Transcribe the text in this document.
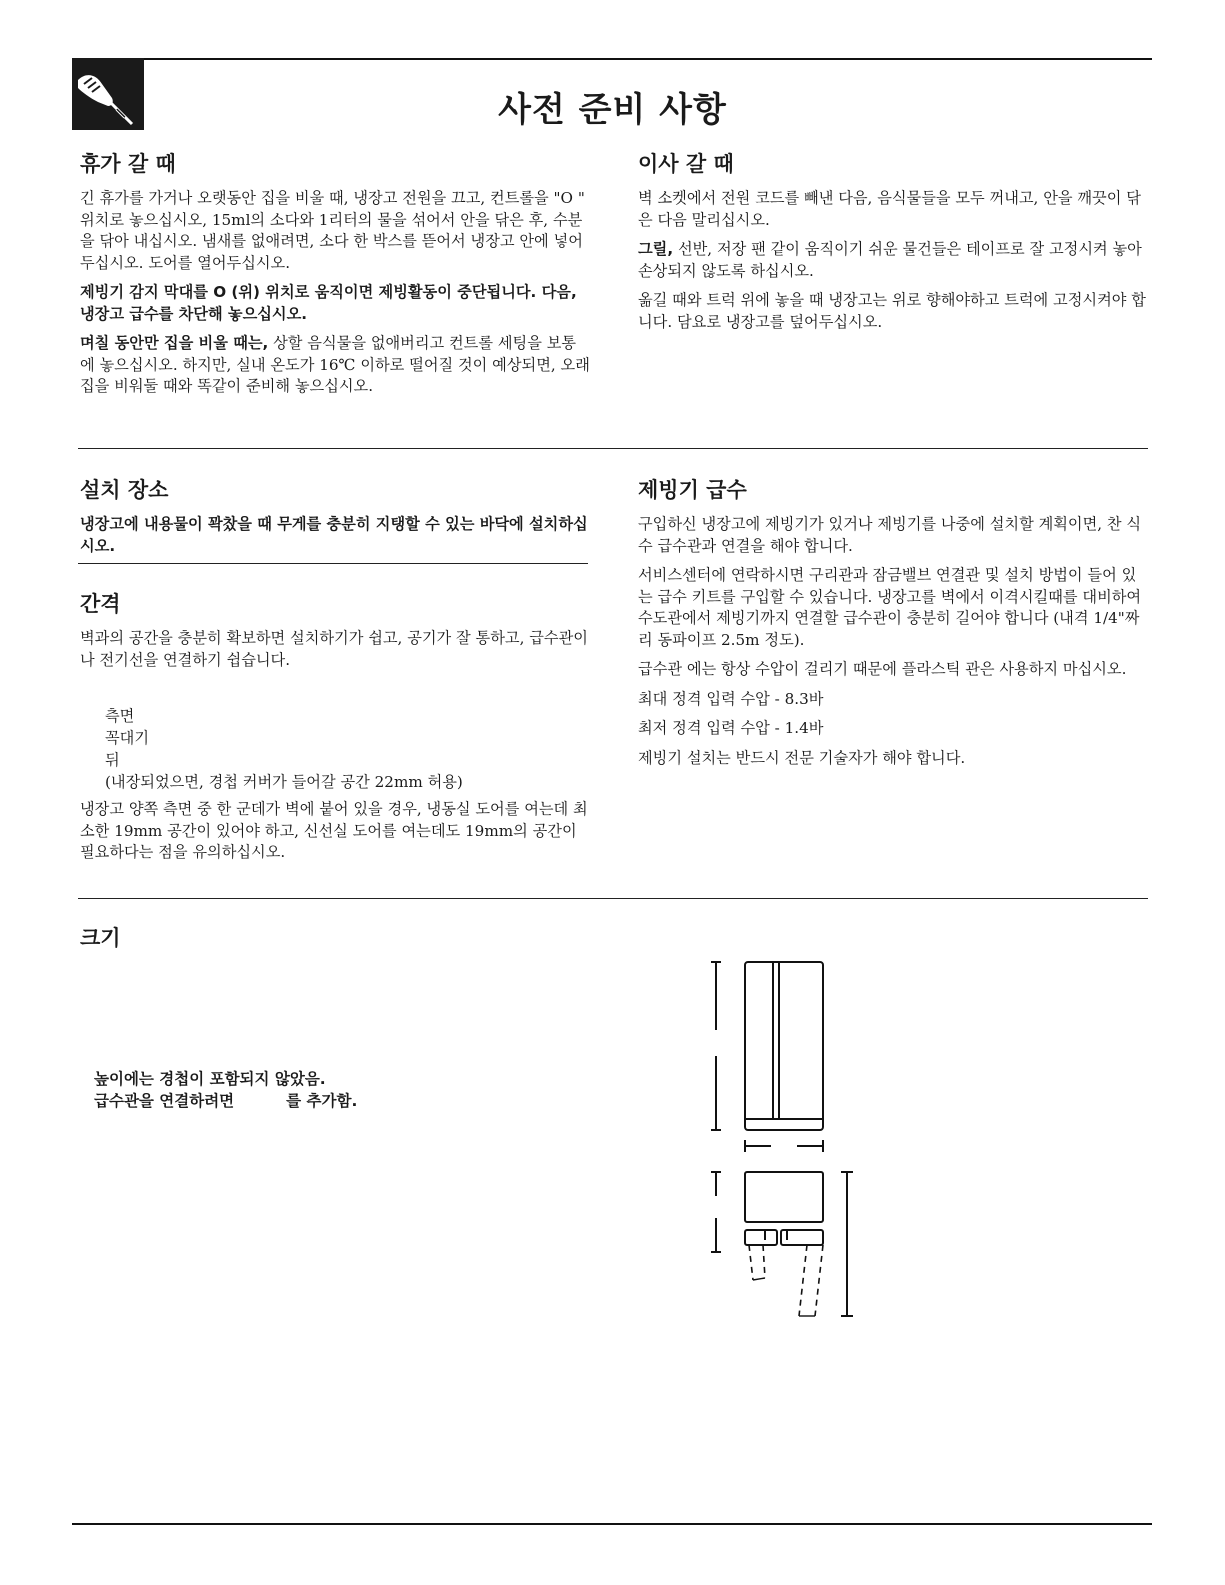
사전 준비 사항
휴가 갈 때

긴 휴가를 가거나 오랫동안 집을 비울 때, 냉장고 전원을 끄고, 컨트롤을 "O " 위치로 놓으십시오, 15ml의 소다와 1리터의 물을 섞어서 안을 닦은 후, 수분을 닦아 내십시오. 냄새를 없애려면, 소다 한 박스를 뜯어서 냉장고 안에 넣어 두십시오. 도어를 열어두십시오.

제빙기 감지 막대를 O (위) 위치로 움직이면 제빙활동이 중단됩니다. 다음, 냉장고 급수를 차단해 놓으십시오.

며칠 동안만 집을 비울 때는, 상할 음식물을 없애버리고 컨트롤 세팅을 보통에 놓으십시오. 하지만, 실내 온도가 16℃ 이하로 떨어질 것이 예상되면, 오래 집을 비워둘 때와 똑같이 준비해 놓으십시오.

이사 갈 때

벽 소켓에서 전원 코드를 빼낸 다음, 음식물들을 모두 꺼내고, 안을 깨끗이 닦은 다음 말리십시오.

그릴, 선반, 저장 팬 같이 움직이기 쉬운 물건들은 테이프로 잘 고정시켜 놓아 손상되지 않도록 하십시오.

옮길 때와 트럭 위에 놓을 때 냉장고는 위로 향해야하고 트럭에 고정시켜야 합니다. 담요로 냉장고를 덮어두십시오.

설치 장소

냉장고에 내용물이 꽉찼을 때 무게를 충분히 지탱할 수 있는 바닥에 설치하십시오.

간격

벽과의 공간을 충분히 확보하면 설치하기가 쉽고, 공기가 잘 통하고, 급수관이나 전기선을 연결하기 쉽습니다.

측면
꼭대기
뒤
(내장되었으면, 경첩 커버가 들어갈 공간 22mm 허용)

냉장고 양쪽 측면 중 한 군데가 벽에 붙어 있을 경우, 냉동실 도어를 여는데 최소한 19mm 공간이 있어야 하고, 신선실 도어를 여는데도 19mm의 공간이 필요하다는 점을 유의하십시오.

제빙기 급수

구입하신 냉장고에 제빙기가 있거나 제빙기를 나중에 설치할 계획이면, 찬 식수 급수관과 연결을 해야 합니다.

서비스센터에 연락하시면 구리관과 잠금밸브 연결관 및 설치 방법이 들어 있는 급수 키트를 구입할 수 있습니다. 냉장고를 벽에서 이격시킬때를 대비하여 수도관에서 제빙기까지 연결할 급수관이 충분히 길어야 합니다 (내격 1/4"짜리 동파이프 2.5m 정도).

급수관 에는 항상 수압이 걸리기 때문에 플라스틱 관은 사용하지 마십시오.

최대 정격 입력 수압 - 8.3바

최저 정격 입력 수압 - 1.4바

제빙기 설치는 반드시 전문 기술자가 해야 합니다.

크기
높이에는 경첩이 포함되지 않았음.
급수관을 연결하려면	를 추가함.
